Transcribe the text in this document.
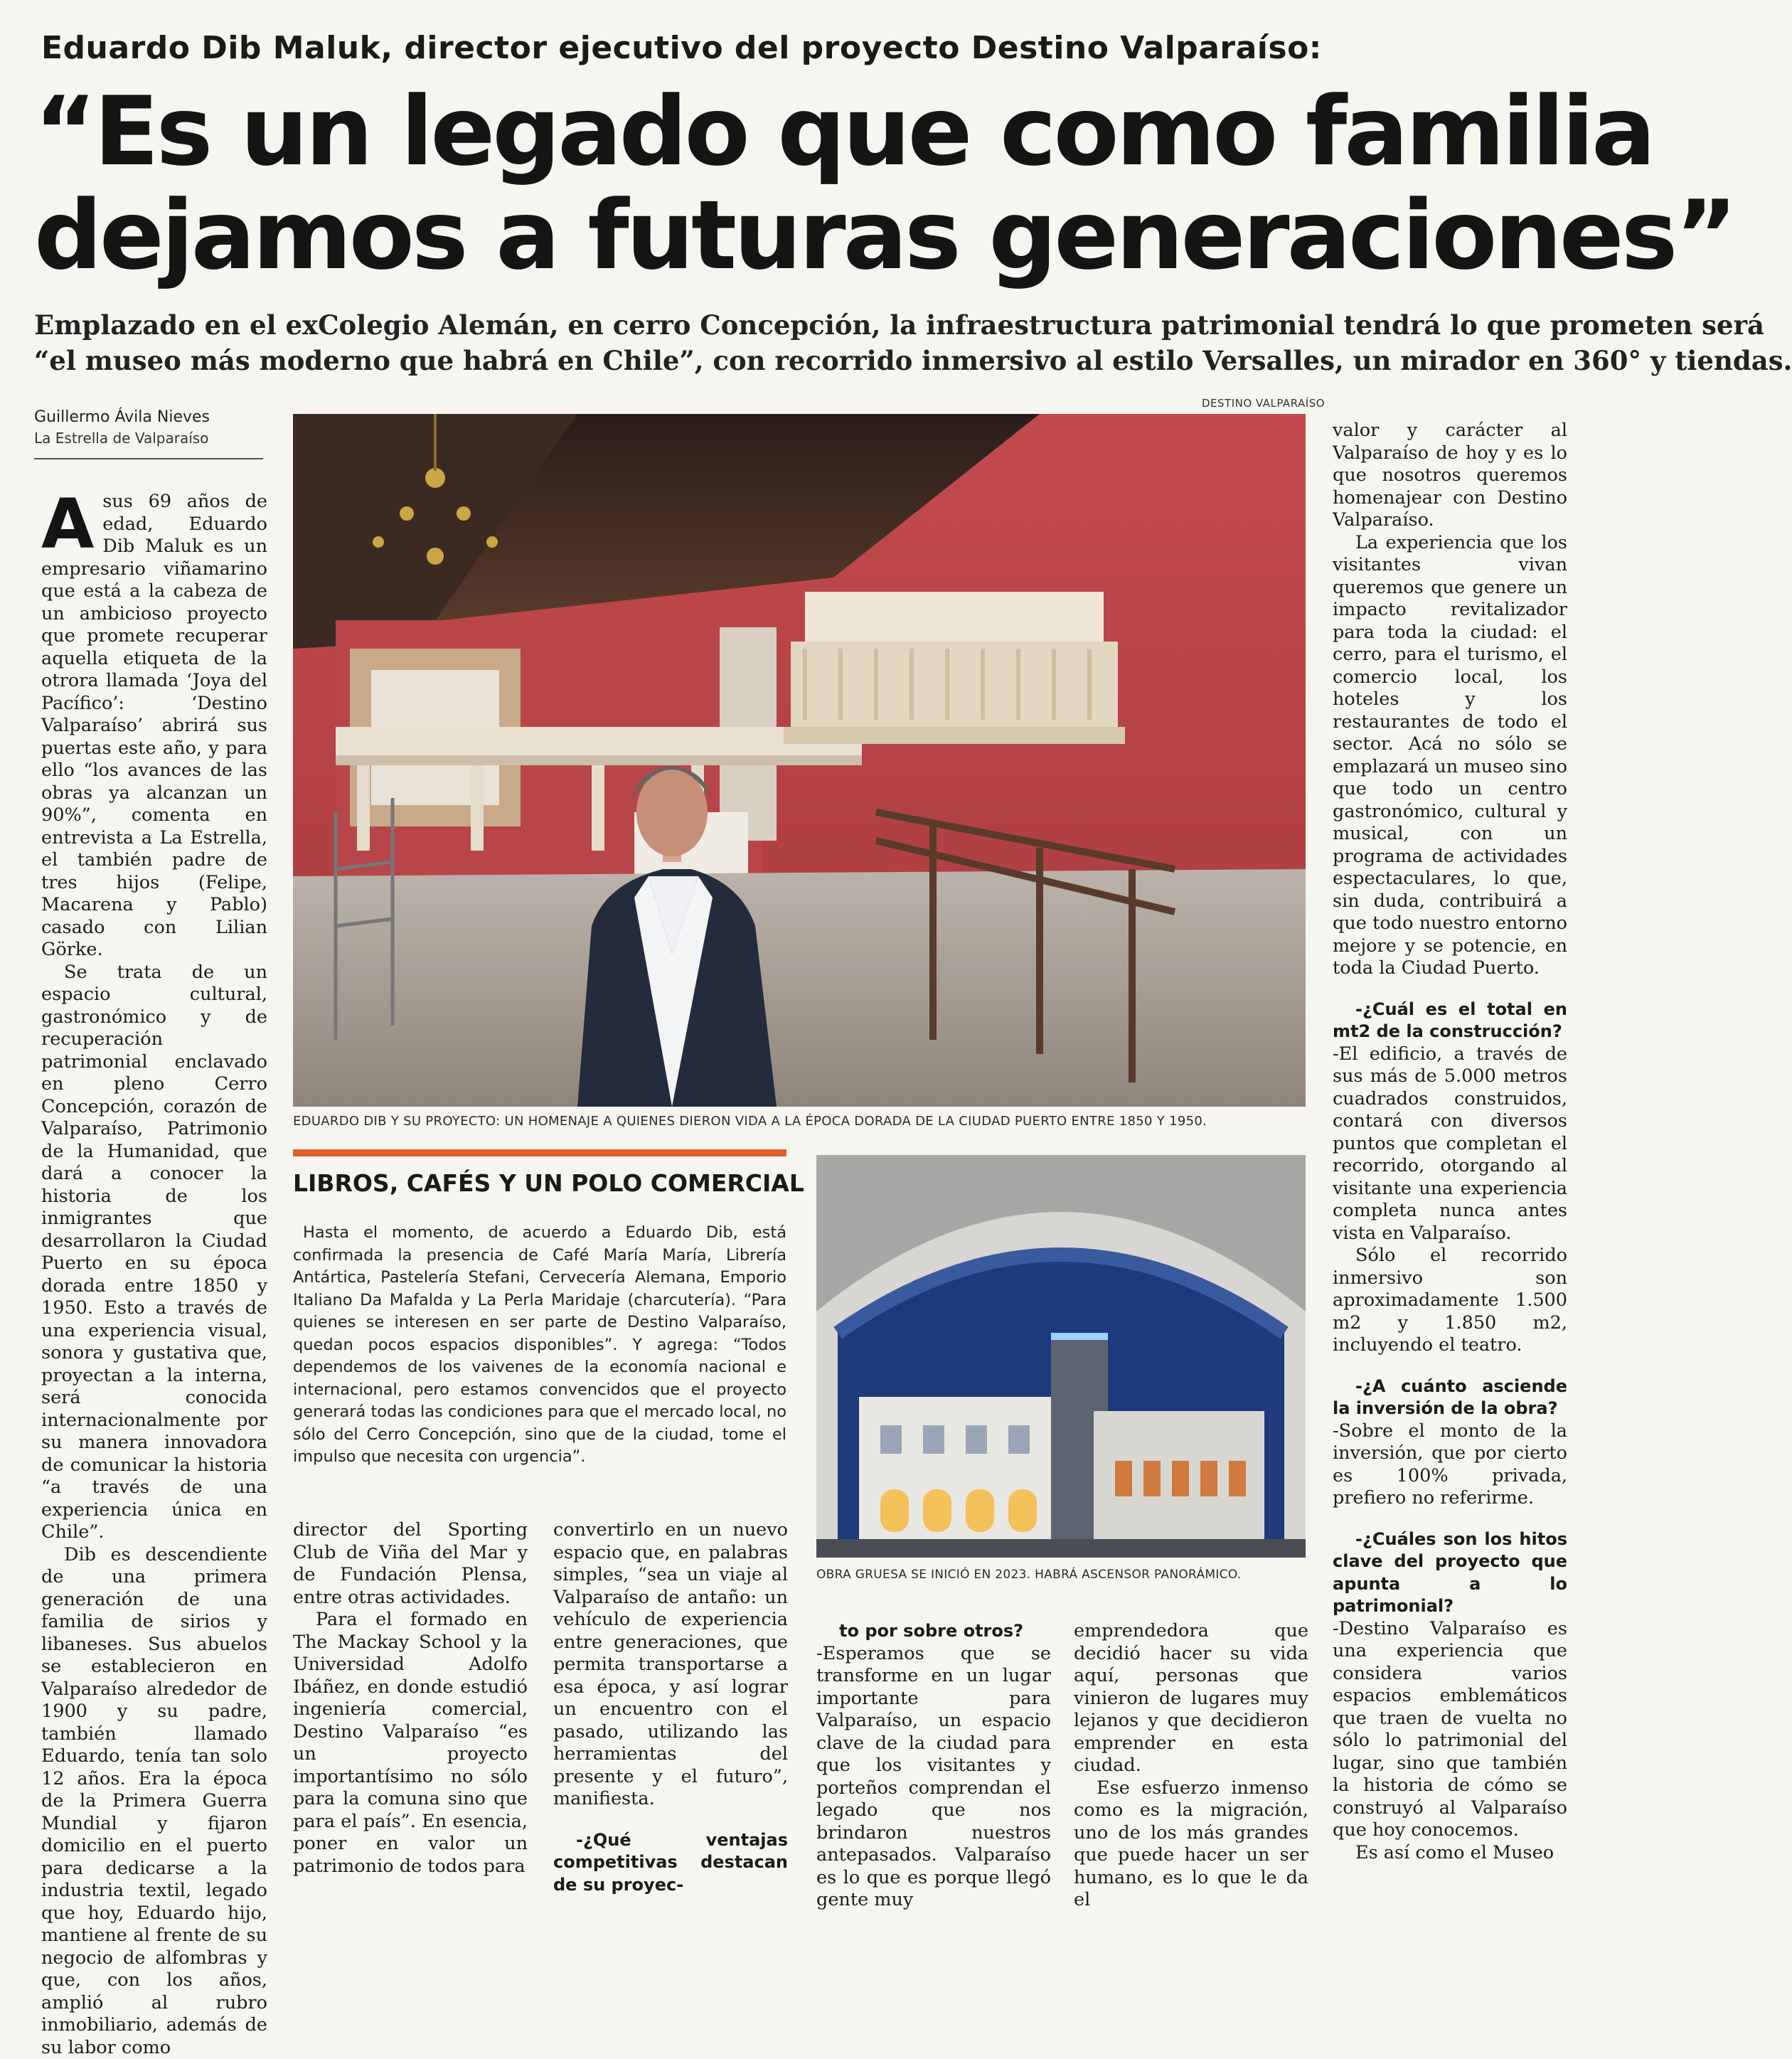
Eduardo Dib Maluk, director ejecutivo del proyecto Destino Valparaíso:
“Es un legado que como familia
dejamos a futuras generaciones”
Emplazado en el exColegio Alemán, en cerro Concepción, la infraestructura patrimonial tendrá lo que prometen será
“el museo más moderno que habrá en Chile”, con recorrido inmersivo al estilo Versalles, un mirador en 360° y tiendas.
Guillermo Ávila Nieves
La Estrella de Valparaíso
DESTINO VALPARAÍSO
EDUARDO DIB Y SU PROYECTO: UN HOMENAJE A QUIENES DIERON VIDA A LA ÉPOCA DORADA DE LA CIUDAD PUERTO ENTRE 1850 Y 1950.
OBRA GRUESA SE INICIÓ EN 2023. HABRÁ ASCENSOR PANORÁMICO.

Asus 69 años de edad, Eduardo Dib Maluk es un empresario viñamarino que está a la cabeza de un ambicioso proyecto que promete recuperar aquella etiqueta de la otrora llamada ‘Joya del Pacífico’: ‘Destino Valparaíso’ abrirá sus puertas este año, y para ello “los avances de las obras ya alcanzan un 90%”, comenta en entrevista a La Estrella, el también padre de tres hijos (Felipe, Macarena y Pablo) casado con Lilian Görke.

Se trata de un espacio cultural, gastronómico y de recuperación patrimonial enclavado en pleno Cerro Concepción, corazón de Valparaíso, Patrimonio de la Humanidad, que dará a conocer la historia de los inmigrantes que desarrollaron la Ciudad Puerto en su época dorada entre 1850 y 1950. Esto a través de una experiencia visual, sonora y gustativa que, proyectan a la interna, será conocida internacionalmente por su manera innovadora de comunicar la historia “a través de una experiencia única en Chile”.

Dib es descendiente de una primera generación de una familia de sirios y libaneses. Sus abuelos se establecieron en Valparaíso alrededor de 1900 y su padre, también llamado Eduardo, tenía tan solo 12 años. Era la época de la Primera Guerra Mundial y fijaron domicilio en el puerto para dedicarse a la industria textil, legado que hoy, Eduardo hijo, mantiene al frente de su negocio de alfombras y que, con los años, amplió al rubro inmobiliario, además de su labor como

LIBROS, CAFÉS Y UN POLO COMERCIAL

Hasta el momento, de acuerdo a Eduardo Dib, está confirmada la presencia de Café María María, Librería Antártica, Pastelería Stefani, Cervecería Alemana, Emporio Italiano Da Mafalda y La Perla Maridaje (charcutería). “Para quienes se interesen en ser parte de Destino Valparaíso, quedan pocos espacios disponibles”. Y agrega: “Todos dependemos de los vaivenes de la economía nacional e internacional, pero estamos convencidos que el proyecto generará todas las condiciones para que el mercado local, no sólo del Cerro Concepción, sino que de la ciudad, tome el impulso que necesita con urgencia”.

director del Sporting Club de Viña del Mar y de Fundación Plensa, entre otras actividades.

Para el formado en The Mackay School y la Universidad Adolfo Ibáñez, en donde estudió ingeniería comercial, Destino Valparaíso “es un proyecto importantísimo no sólo para la comuna sino que para el país”. En esencia, poner en valor un patrimonio de todos para

convertirlo en un nuevo espacio que, en palabras simples, “sea un viaje al Valparaíso de antaño: un vehículo de experiencia entre generaciones, que permita transportarse a esa época, y así lograr un encuentro con el pasado, utilizando las herramientas del presente y el futuro”, manifiesta.

-¿Qué ventajas competitivas destacan de su proyec-

to por sobre otros?

-Esperamos que se transforme en un lugar importante para Valparaíso, un espacio clave de la ciudad para que los visitantes y porteños comprendan el legado que nos brindaron nuestros antepasados. Valparaíso es lo que es porque llegó gente muy

emprendedora que decidió hacer su vida aquí, personas que vinieron de lugares muy lejanos y que decidieron emprender en esta ciudad.

Ese esfuerzo inmenso como es la migración, uno de los más grandes que puede hacer un ser humano, es lo que le da el

valor y carácter al Valparaíso de hoy y es lo que nosotros queremos homenajear con Destino Valparaíso.

La experiencia que los visitantes vivan queremos que genere un impacto revitalizador para toda la ciudad: el cerro, para el turismo, el comercio local, los hoteles y los restaurantes de todo el sector. Acá no sólo se emplazará un museo sino que todo un centro gastronómico, cultural y musical, con un programa de actividades espectaculares, lo que, sin duda, contribuirá a que todo nuestro entorno mejore y se potencie, en toda la Ciudad Puerto.

-¿Cuál es el total en mt2 de la construcción?

-El edificio, a través de sus más de 5.000 metros cuadrados construidos, contará con diversos puntos que completan el recorrido, otorgando al visitante una experiencia completa nunca antes vista en Valparaíso.

Sólo el recorrido inmersivo son aproximadamente 1.500 m2 y 1.850 m2, incluyendo el teatro.

-¿A cuánto asciende la inversión de la obra?

-Sobre el monto de la inversión, que por cierto es 100% privada, prefiero no referirme.

-¿Cuáles son los hitos clave del proyecto que apunta a lo patrimonial?

-Destino Valparaíso es una experiencia que considera varios espacios emblemáticos que traen de vuelta no sólo lo patrimonial del lugar, sino que también la historia de cómo se construyó al Valparaíso que hoy conocemos.

Es así como el Museo
